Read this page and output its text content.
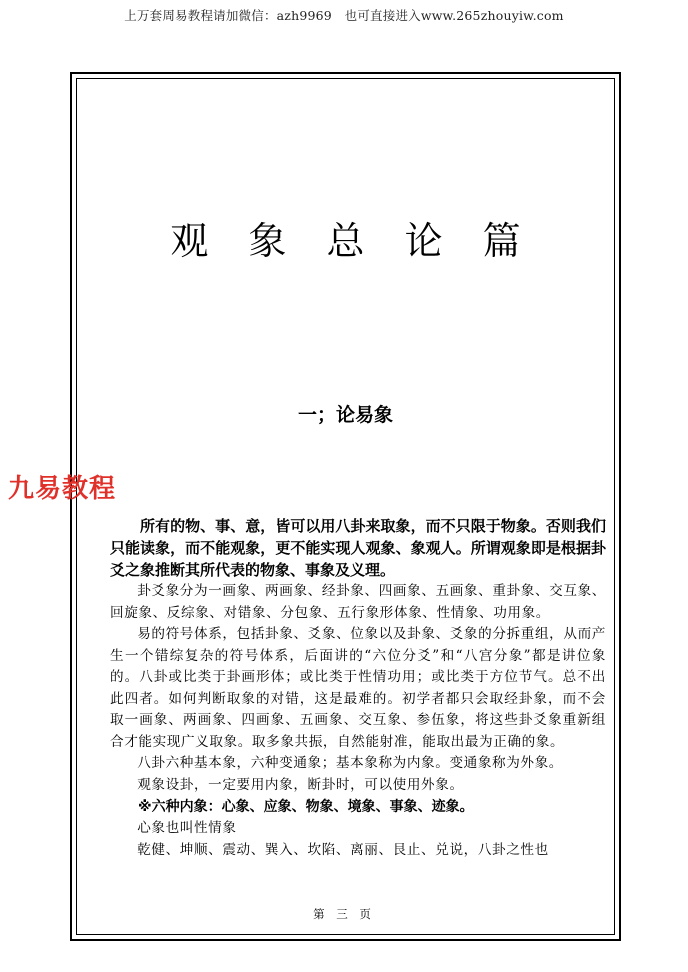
上万套周易教程请加微信：azh9969　也可直接进入www.265zhouyiw.com
观 象 总 论 篇
一；论易象
九易教程

所有的物、事、意，皆可以用八卦来取象，而不只限于物象。否则我们只能读象，而不能观象，更不能实现人观象、象观人。所谓观象即是根据卦爻之象推断其所代表的物象、事象及义理。

卦爻象分为一画象、两画象、经卦象、四画象、五画象、重卦象、交互象、回旋象、反综象、对错象、分包象、五行象形体象、性情象、功用象。

易的符号体系，包括卦象、爻象、位象以及卦象、爻象的分拆重组，从而产生一个错综复杂的符号体系，后面讲的“六位分爻”和“八宫分象”都是讲位象的。八卦或比类于卦画形体；或比类于性情功用；或比类于方位节气。总不出此四者。如何判断取象的对错，这是最难的。初学者都只会取经卦象，而不会取一画象、两画象、四画象、五画象、交互象、参伍象，将这些卦爻象重新组合才能实现广义取象。取多象共振，自然能射准，能取出最为正确的象。

八卦六种基本象，六种变通象；基本象称为内象。变通象称为外象。

观象设卦，一定要用内象，断卦时，可以使用外象。

※六种内象：心象、应象、物象、境象、事象、迹象。

心象也叫性情象

乾健、坤顺、震动、巽入、坎陷、离丽、艮止、兑说，八卦之性也

第 三 页
